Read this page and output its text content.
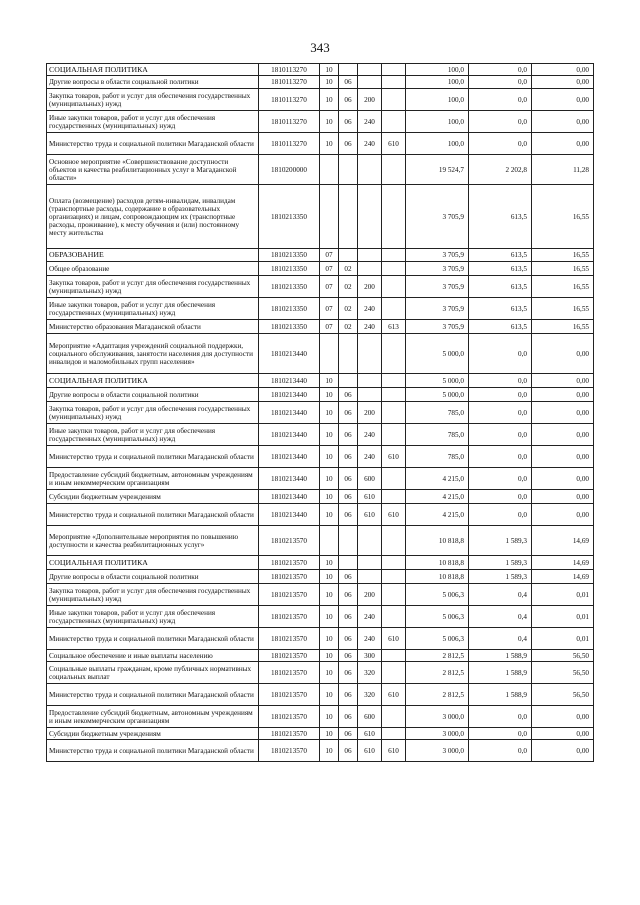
343
СОЦИАЛЬНАЯ ПОЛИТИКА	1810113270	10				100,0	0,0	0,00
Другие вопросы в области социальной политики	1810113270	10	06			100,0	0,0	0,00
Закупка товаров, работ и услуг для обеспечения государственных (муниципальных) нужд	1810113270	10	06	200		100,0	0,0	0,00
Иные закупки товаров, работ и услуг для обеспечения государственных (муниципальных) нужд	1810113270	10	06	240		100,0	0,0	0,00
Министерство труда и социальной политики Магаданской области	1810113270	10	06	240	610	100,0	0,0	0,00
Основное мероприятие «Совершенствование доступности объектов и качества реабилитационных услуг в Магаданской области»	1810200000					19 524,7	2 202,8	11,28
Оплата (возмещение) расходов детям-инвалидам, инвалидам (транспортные расходы, содержание в образовательных организациях) и лицам, сопровождающим их (транспортные расходы, проживание), к месту обучения и (или) постоянному месту жительства	1810213350					3 705,9	613,5	16,55
ОБРАЗОВАНИЕ	1810213350	07				3 705,9	613,5	16,55
Общее образование	1810213350	07	02			3 705,9	613,5	16,55
Закупка товаров, работ и услуг для обеспечения государственных (муниципальных) нужд	1810213350	07	02	200		3 705,9	613,5	16,55
Иные закупки товаров, работ и услуг для обеспечения государственных (муниципальных) нужд	1810213350	07	02	240		3 705,9	613,5	16,55
Министерство образования Магаданской области	1810213350	07	02	240	613	3 705,9	613,5	16,55
Мероприятие «Адаптация учреждений социальной поддержки, социального обслуживания, занятости населения для доступности инвалидов и маломобильных групп населения»	1810213440					5 000,0	0,0	0,00
СОЦИАЛЬНАЯ ПОЛИТИКА	1810213440	10				5 000,0	0,0	0,00
Другие вопросы в области социальной политики	1810213440	10	06			5 000,0	0,0	0,00
Закупка товаров, работ и услуг для обеспечения государственных (муниципальных) нужд	1810213440	10	06	200		785,0	0,0	0,00
Иные закупки товаров, работ и услуг для обеспечения государственных (муниципальных) нужд	1810213440	10	06	240		785,0	0,0	0,00
Министерство труда и социальной политики Магаданской области	1810213440	10	06	240	610	785,0	0,0	0,00
Предоставление субсидий бюджетным, автономным учреждениям и иным некоммерческим организациям	1810213440	10	06	600		4 215,0	0,0	0,00
Субсидии бюджетным учреждениям	1810213440	10	06	610		4 215,0	0,0	0,00
Министерство труда и социальной политики Магаданской области	1810213440	10	06	610	610	4 215,0	0,0	0,00
Мероприятие «Дополнительные мероприятия по повышению доступности и качества реабилитационных услуг»	1810213570					10 818,8	1 589,3	14,69
СОЦИАЛЬНАЯ ПОЛИТИКА	1810213570	10				10 818,8	1 589,3	14,69
Другие вопросы в области социальной политики	1810213570	10	06			10 818,8	1 589,3	14,69
Закупка товаров, работ и услуг для обеспечения государственных (муниципальных) нужд	1810213570	10	06	200		5 006,3	0,4	0,01
Иные закупки товаров, работ и услуг для обеспечения государственных (муниципальных) нужд	1810213570	10	06	240		5 006,3	0,4	0,01
Министерство труда и социальной политики Магаданской области	1810213570	10	06	240	610	5 006,3	0,4	0,01
Социальное обеспечение и иные выплаты населению	1810213570	10	06	300		2 812,5	1 588,9	56,50
Социальные выплаты гражданам, кроме публичных нормативных социальных выплат	1810213570	10	06	320		2 812,5	1 588,9	56,50
Министерство труда и социальной политики Магаданской области	1810213570	10	06	320	610	2 812,5	1 588,9	56,50
Предоставление субсидий бюджетным, автономным учреждениям и иным некоммерческим организациям	1810213570	10	06	600		3 000,0	0,0	0,00
Субсидии бюджетным учреждениям	1810213570	10	06	610		3 000,0	0,0	0,00
Министерство труда и социальной политики Магаданской области	1810213570	10	06	610	610	3 000,0	0,0	0,00
